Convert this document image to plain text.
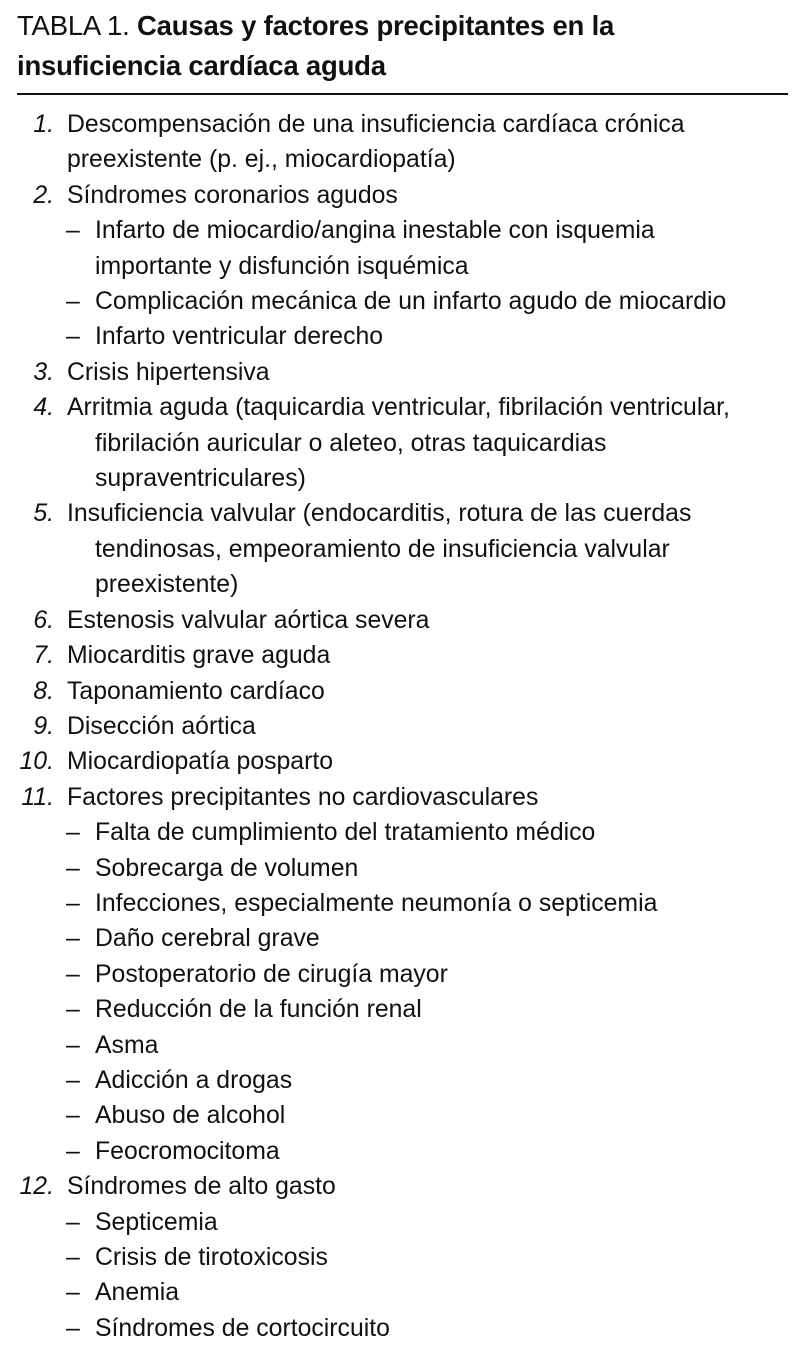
TABLA 1. Causas y factores precipitantes en la
insuficiencia cardíaca aguda
1. Descompensación de una insuficiencia cardíaca crónica
preexistente (p. ej., miocardiopatía)
2. Síndromes coronarios agudos
– Infarto de miocardio/angina inestable con isquemia
importante y disfunción isquémica
– Complicación mecánica de un infarto agudo de miocardio
– Infarto ventricular derecho
3. Crisis hipertensiva
4. Arritmia aguda (taquicardia ventricular, fibrilación ventricular,
fibrilación auricular o aleteo, otras taquicardias
supraventriculares)
5. Insuficiencia valvular (endocarditis, rotura de las cuerdas
tendinosas, empeoramiento de insuficiencia valvular
preexistente)
6. Estenosis valvular aórtica severa
7. Miocarditis grave aguda
8. Taponamiento cardíaco
9. Disección aórtica
10. Miocardiopatía posparto
11. Factores precipitantes no cardiovasculares
– Falta de cumplimiento del tratamiento médico
– Sobrecarga de volumen
– Infecciones, especialmente neumonía o septicemia
– Daño cerebral grave
– Postoperatorio de cirugía mayor
– Reducción de la función renal
– Asma
– Adicción a drogas
– Abuso de alcohol
– Feocromocitoma
12. Síndromes de alto gasto
– Septicemia
– Crisis de tirotoxicosis
– Anemia
– Síndromes de cortocircuito
